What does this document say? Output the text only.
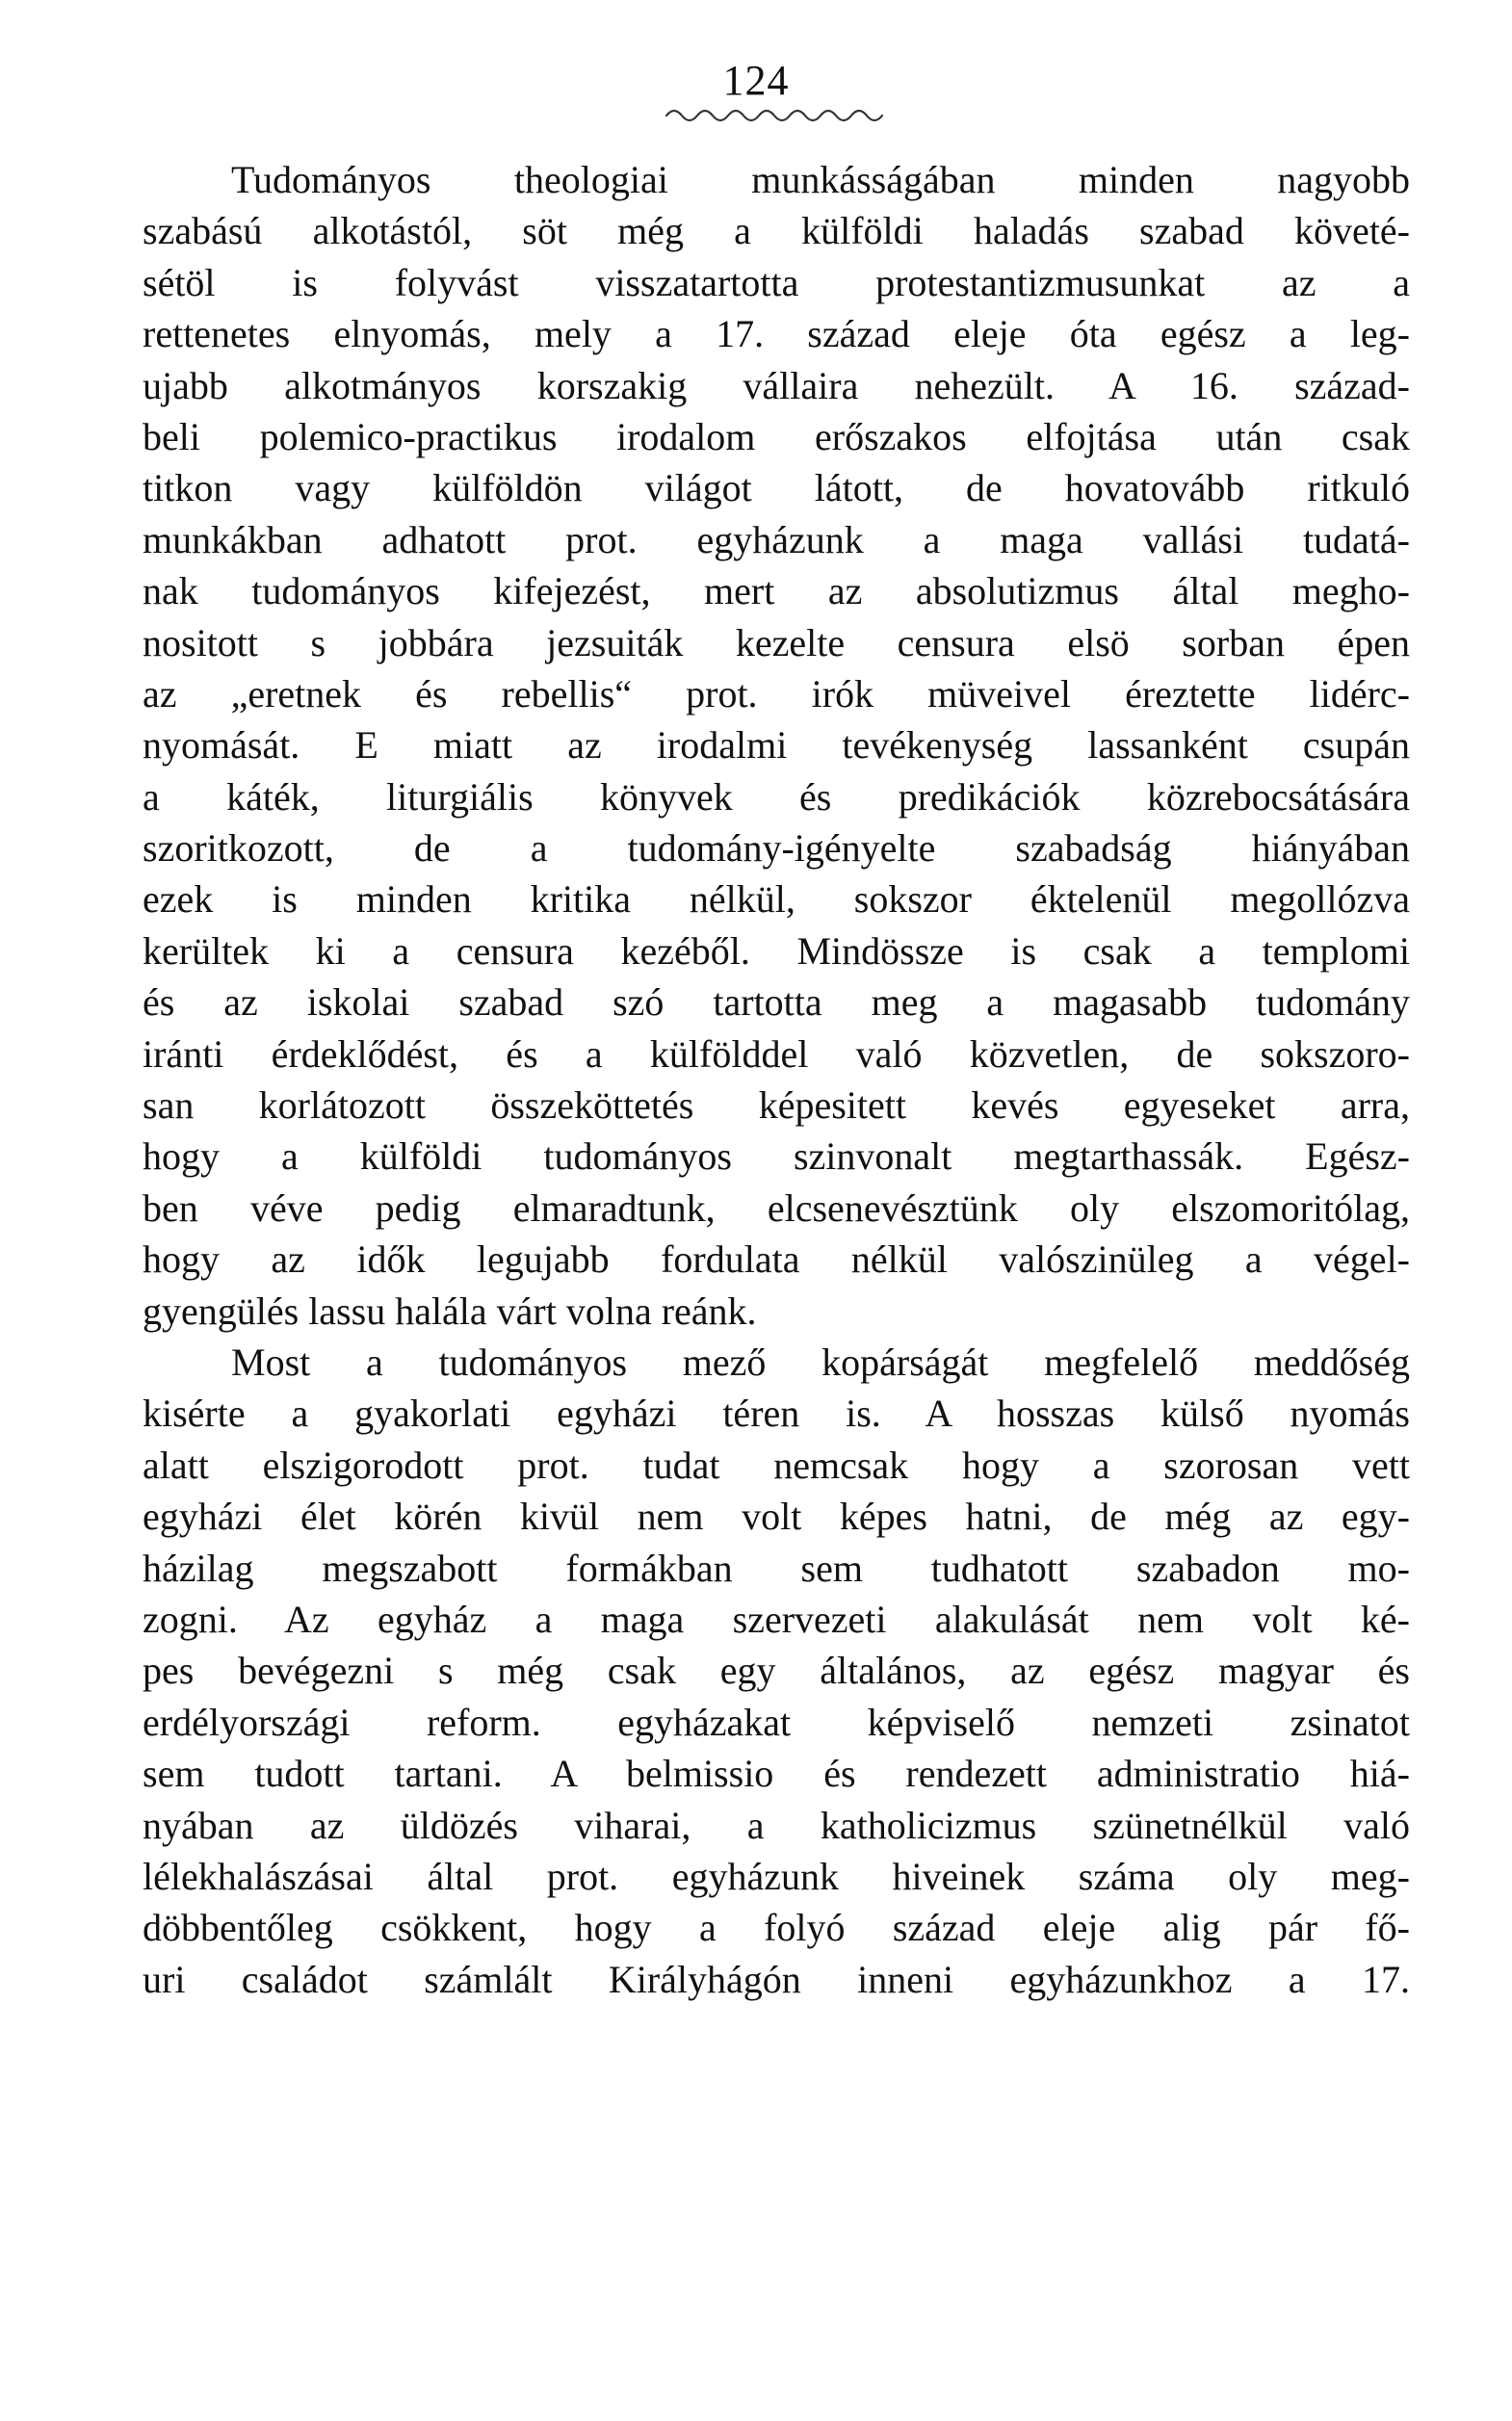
124
Tudományos theologiai munkásságában minden nagyobb
szabású alkotástól, söt még a külföldi haladás szabad követé-
sétöl is folyvást visszatartotta protestantizmusunkat az a
rettenetes elnyomás, mely a 17. század eleje óta egész a leg-
ujabb alkotmányos korszakig vállaira nehezült. A 16. század-
beli polemico-practikus irodalom erőszakos elfojtása után csak
titkon vagy külföldön világot látott, de hovatovább ritkuló
munkákban adhatott prot. egyházunk a maga vallási tudatá-
nak tudományos kifejezést, mert az absolutizmus által megho-
nositott s jobbára jezsuiták kezelte censura elsö sorban épen
az „eretnek és rebellis“ prot. irók müveivel éreztette lidérc-
nyomását. E miatt az irodalmi tevékenység lassanként csupán
a káték, liturgiális könyvek és predikációk közrebocsátására
szoritkozott, de a tudomány-igényelte szabadság hiányában
ezek is minden kritika nélkül, sokszor éktelenül megollózva
kerültek ki a censura kezéből. Mindössze is csak a templomi
és az iskolai szabad szó tartotta meg a magasabb tudomány
iránti érdeklődést, és a külfölddel való közvetlen, de sokszoro-
san korlátozott összeköttetés képesitett kevés egyeseket arra,
hogy a külföldi tudományos szinvonalt megtarthassák. Egész-
ben véve pedig elmaradtunk, elcsenevésztünk oly elszomoritólag,
hogy az idők legujabb fordulata nélkül valószinüleg a végel-
gyengülés lassu halála várt volna reánk.
Most a tudományos mező kopárságát megfelelő meddőség
kisérte a gyakorlati egyházi téren is. A hosszas külső nyomás
alatt elszigorodott prot. tudat nemcsak hogy a szorosan vett
egyházi élet körén kivül nem volt képes hatni, de még az egy-
házilag megszabott formákban sem tudhatott szabadon mo-
zogni. Az egyház a maga szervezeti alakulását nem volt ké-
pes bevégezni s még csak egy általános, az egész magyar és
erdélyországi reform. egyházakat képviselő nemzeti zsinatot
sem tudott tartani. A belmissio és rendezett administratio hiá-
nyában az üldözés viharai, a katholicizmus szünetnélkül való
lélekhalászásai által prot. egyházunk hiveinek száma oly meg-
döbbentőleg csökkent, hogy a folyó század eleje alig pár fő-
uri családot számlált Királyhágón inneni egyházunkhoz a 17.
